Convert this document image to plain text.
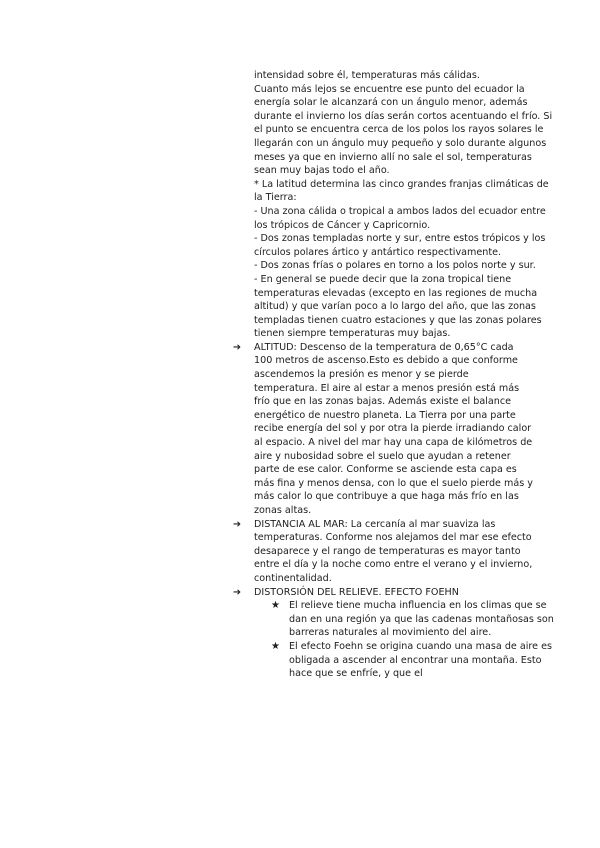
intensidad sobre él, temperaturas más cálidas.

Cuanto más lejos se encuentre ese punto del ecuador la energía solar le alcanzará con un ángulo menor, además durante el invierno los días serán cortos acentuando el frío. Si el punto se encuentra cerca de los polos los rayos solares le llegarán con un ángulo muy pequeño y solo durante algunos meses ya que en invierno allí no sale el sol, temperaturas sean muy bajas todo el año.

* La latitud determina las cinco grandes franjas climáticas de la Tierra:

- Una zona cálida o tropical a ambos lados del ecuador entre los trópicos de Cáncer y Capricornio.

- Dos zonas templadas norte y sur, entre estos trópicos y los círculos polares ártico y antártico respectivamente.

- Dos zonas frías o polares en torno a los polos norte y sur.

- En general se puede decir que la zona tropical tiene temperaturas elevadas (excepto en las regiones de mucha altitud) y que varían poco a lo largo del año, que las zonas templadas tienen cuatro estaciones y que las zonas polares tienen siempre temperaturas muy bajas.

➔ ALTITUD: Descenso de la temperatura de 0,65°C cada 100 metros de ascenso.Esto es debido a que conforme ascendemos la presión es menor y se pierde temperatura. El aire al estar a menos presión está más frío que en las zonas bajas. Además existe el balance energético de nuestro planeta. La Tierra por una parte recibe energía del sol y por otra la pierde irradiando calor al espacio. A nivel del mar hay una capa de kilómetros de aire y nubosidad sobre el suelo que ayudan a retener parte de ese calor. Conforme se asciende esta capa es más fina y menos densa, con lo que el suelo pierde más y más calor lo que contribuye a que haga más frío en las zonas altas.
➔ DISTANCIA AL MAR: La cercanía al mar suaviza las temperaturas. Conforme nos alejamos del mar ese efecto desaparece y el rango de temperaturas es mayor tanto entre el día y la noche como entre el verano y el invierno, continentalidad.
➔ DISTORSIÓN DEL RELIEVE. EFECTO FOEHN
★ El relieve tiene mucha influencia en los climas que se dan en una región ya que las cadenas montañosas son barreras naturales al movimiento del aire.
★ El efecto Foehn se origina cuando una masa de aire es obligada a ascender al encontrar una montaña. Esto hace que se enfríe, y que el
